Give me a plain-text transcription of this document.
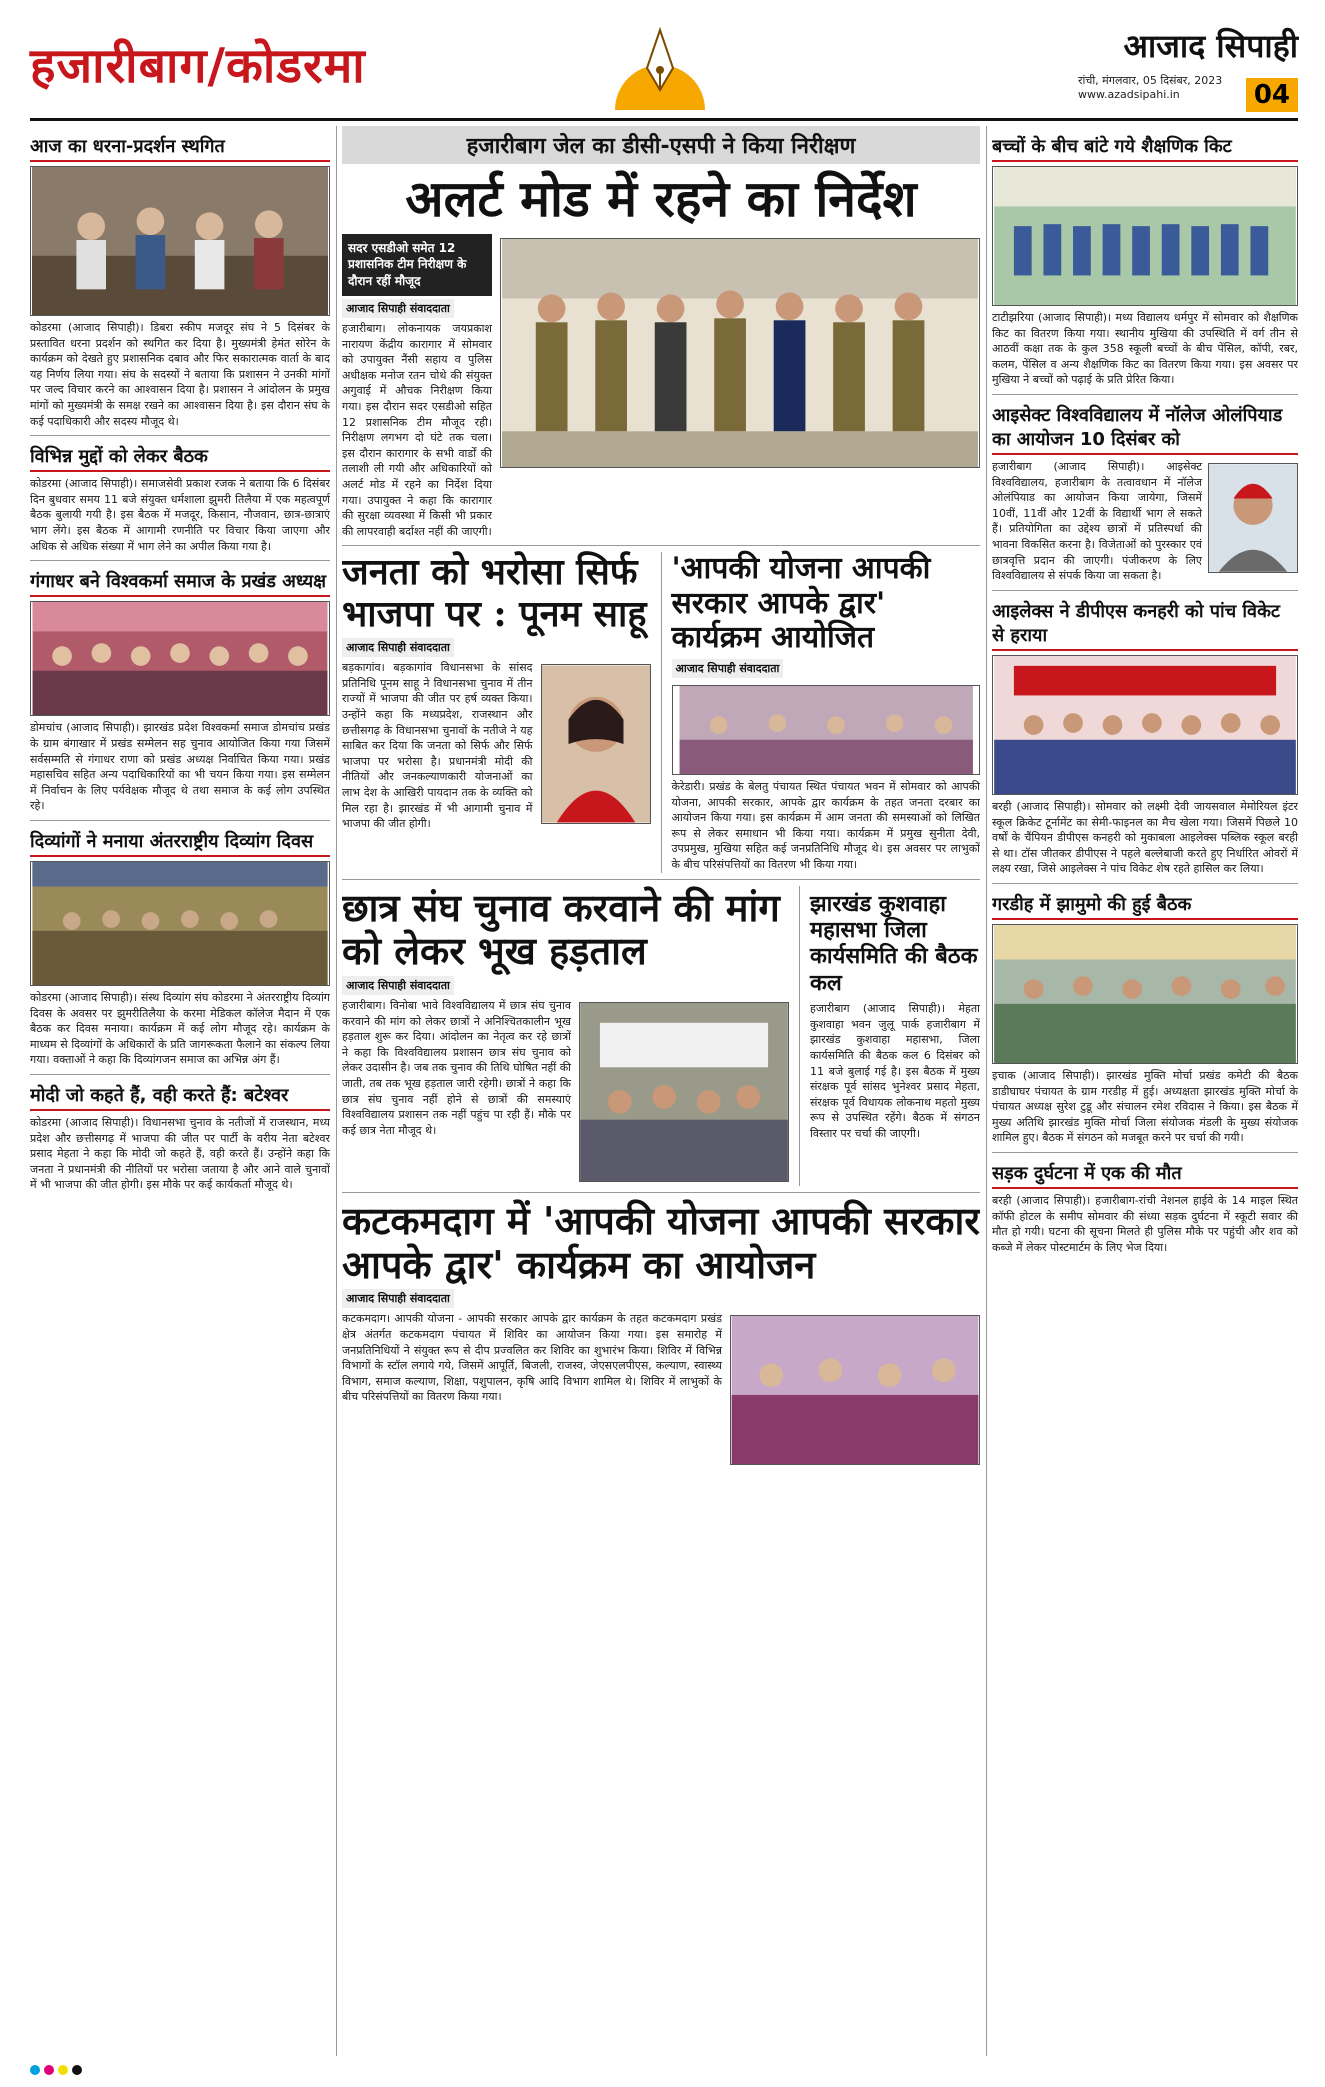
हजारीबाग/कोडरमा	आजाद सिपाही
रांची, मंगलवार, 05 दिसंबर, 2023
www.azadsipahi.in	04
आज का धरना-प्रदर्शन स्थगित
कोडरमा (आजाद सिपाही)। डिबरा स्कीप मजदूर संघ ने 5 दिसंबर के प्रस्तावित धरना प्रदर्शन को स्थगित कर दिया है। मुख्यमंत्री हेमंत सोरेन के कार्यक्रम को देखते हुए प्रशासनिक दबाव और फिर सकारात्मक वार्ता के बाद यह निर्णय लिया गया। संघ के सदस्यों ने बताया कि प्रशासन ने उनकी मांगों पर जल्द विचार करने का आश्वासन दिया है। प्रशासन ने आंदोलन के प्रमुख मांगों को मुख्यमंत्री के समक्ष रखने का आश्वासन दिया है। इस दौरान संघ के कई पदाधिकारी और सदस्य मौजूद थे।
विभिन्न मुद्दों को लेकर बैठक
कोडरमा (आजाद सिपाही)। समाजसेवी प्रकाश रजक ने बताया कि 6 दिसंबर दिन बुधवार समय 11 बजे संयुक्त धर्मशाला झुमरी तिलैया में एक महत्वपूर्ण बैठक बुलायी गयी है। इस बैठक में मजदूर, किसान, नौजवान, छात्र-छात्राएं भाग लेंगे। इस बैठक में आगामी रणनीति पर विचार किया जाएगा और अधिक से अधिक संख्या में भाग लेने का अपील किया गया है।
गंगाधर बने विश्वकर्मा समाज के प्रखंड अध्यक्ष
डोमचांच (आजाद सिपाही)। झारखंड प्रदेश विश्वकर्मा समाज डोमचांच प्रखंड के ग्राम बंगाखार में प्रखंड सम्मेलन सह चुनाव आयोजित किया गया जिसमें सर्वसम्मति से गंगाधर राणा को प्रखंड अध्यक्ष निर्वाचित किया गया। प्रखंड महासचिव सहित अन्य पदाधिकारियों का भी चयन किया गया। इस सम्मेलन में निर्वाचन के लिए पर्यवेक्षक मौजूद थे तथा समाज के कई लोग उपस्थित रहे।
दिव्यांगों ने मनाया अंतरराष्ट्रीय दिव्यांग दिवस
कोडरमा (आजाद सिपाही)। संस्थ दिव्यांग संघ कोडरमा ने अंतरराष्ट्रीय दिव्यांग दिवस के अवसर पर झुमरीतिलैया के करमा मेडिकल कॉलेज मैदान में एक बैठक कर दिवस मनाया। कार्यक्रम में कई लोग मौजूद रहे। कार्यक्रम के माध्यम से दिव्यांगों के अधिकारों के प्रति जागरूकता फैलाने का संकल्प लिया गया। वक्ताओं ने कहा कि दिव्यांगजन समाज का अभिन्न अंग हैं।
मोदी जो कहते हैं, वही करते हैं: बटेश्वर
कोडरमा (आजाद सिपाही)। विधानसभा चुनाव के नतीजों में राजस्थान, मध्य प्रदेश और छत्तीसगढ़ में भाजपा की जीत पर पार्टी के वरीय नेता बटेश्वर प्रसाद मेहता ने कहा कि मोदी जो कहते हैं, वही करते हैं। उन्होंने कहा कि जनता ने प्रधानमंत्री की नीतियों पर भरोसा जताया है और आने वाले चुनावों में भी भाजपा की जीत होगी। इस मौके पर कई कार्यकर्ता मौजूद थे।
हजारीबाग जेल का डीसी-एसपी ने किया निरीक्षण
अलर्ट मोड में रहने का निर्देश
सदर एसडीओ समेत 12 प्रशासनिक टीम निरीक्षण के दौरान रहीं मौजूद
आजाद सिपाही संवाददाता
हजारीबाग। लोकनायक जयप्रकाश नारायण केंद्रीय कारागार में सोमवार को उपायुक्त नैंसी सहाय व पुलिस अधीक्षक मनोज रतन चोथे की संयुक्त अगुवाई में औचक निरीक्षण किया गया। इस दौरान सदर एसडीओ सहित 12 प्रशासनिक टीम मौजूद रही। निरीक्षण लगभग दो घंटे तक चला। इस दौरान कारागार के सभी वार्डों की तलाशी ली गयी और अधिकारियों को अलर्ट मोड में रहने का निर्देश दिया गया। उपायुक्त ने कहा कि कारागार की सुरक्षा व्यवस्था में किसी भी प्रकार की लापरवाही बर्दाश्त नहीं की जाएगी।
जनता को भरोसा सिर्फ भाजपा पर : पूनम साहू
आजाद सिपाही संवाददाता
बड़कागांव। बड़कागांव विधानसभा के सांसद प्रतिनिधि पूनम साहू ने विधानसभा चुनाव में तीन राज्यों में भाजपा की जीत पर हर्ष व्यक्त किया। उन्होंने कहा कि मध्यप्रदेश, राजस्थान और छत्तीसगढ़ के विधानसभा चुनावों के नतीजे ने यह साबित कर दिया कि जनता को सिर्फ और सिर्फ भाजपा पर भरोसा है। प्रधानमंत्री मोदी की नीतियों और जनकल्याणकारी योजनाओं का लाभ देश के आखिरी पायदान तक के व्यक्ति को मिल रहा है। झारखंड में भी आगामी चुनाव में भाजपा की जीत होगी।
'आपकी योजना आपकी सरकार आपके द्वार' कार्यक्रम आयोजित
आजाद सिपाही संवाददाता
केरेडारी। प्रखंड के बेलतु पंचायत स्थित पंचायत भवन में सोमवार को आपकी योजना, आपकी सरकार, आपके द्वार कार्यक्रम के तहत जनता दरबार का आयोजन किया गया। इस कार्यक्रम में आम जनता की समस्याओं को लिखित रूप से लेकर समाधान भी किया गया। कार्यक्रम में प्रमुख सुनीता देवी, उपप्रमुख, मुखिया सहित कई जनप्रतिनिधि मौजूद थे। इस अवसर पर लाभुकों के बीच परिसंपत्तियों का वितरण भी किया गया।
छात्र संघ चुनाव करवाने की मांग को लेकर भूख हड़ताल
आजाद सिपाही संवाददाता
हजारीबाग। विनोबा भावे विश्वविद्यालय में छात्र संघ चुनाव करवाने की मांग को लेकर छात्रों ने अनिश्चितकालीन भूख हड़ताल शुरू कर दिया। आंदोलन का नेतृत्व कर रहे छात्रों ने कहा कि विश्वविद्यालय प्रशासन छात्र संघ चुनाव को लेकर उदासीन है। जब तक चुनाव की तिथि घोषित नहीं की जाती, तब तक भूख हड़ताल जारी रहेगी। छात्रों ने कहा कि छात्र संघ चुनाव नहीं होने से छात्रों की समस्याएं विश्वविद्यालय प्रशासन तक नहीं पहुंच पा रही हैं। मौके पर कई छात्र नेता मौजूद थे।
झारखंड कुशवाहा महासभा जिला कार्यसमिति की बैठक कल
हजारीबाग (आजाद सिपाही)। मेहता कुशवाहा भवन जुलू पार्क हजारीबाग में झारखंड कुशवाहा महासभा, जिला कार्यसमिति की बैठक कल 6 दिसंबर को 11 बजे बुलाई गई है। इस बैठक में मुख्य संरक्षक पूर्व सांसद भुनेश्वर प्रसाद मेहता, संरक्षक पूर्व विधायक लोकनाथ महतो मुख्य रूप से उपस्थित रहेंगे। बैठक में संगठन विस्तार पर चर्चा की जाएगी।
कटकमदाग में 'आपकी योजना आपकी सरकार आपके द्वार' कार्यक्रम का आयोजन
आजाद सिपाही संवाददाता
कटकमदाग। आपकी योजना - आपकी सरकार आपके द्वार कार्यक्रम के तहत कटकमदाग प्रखंड क्षेत्र अंतर्गत कटकमदाग पंचायत में शिविर का आयोजन किया गया। इस समारोह में जनप्रतिनिधियों ने संयुक्त रूप से दीप प्रज्वलित कर शिविर का शुभारंभ किया। शिविर में विभिन्न विभागों के स्टॉल लगाये गये, जिसमें आपूर्ति, बिजली, राजस्व, जेएसएलपीएस, कल्याण, स्वास्थ्य विभाग, समाज कल्याण, शिक्षा, पशुपालन, कृषि आदि विभाग शामिल थे। शिविर में लाभुकों के बीच परिसंपत्तियों का वितरण किया गया।
बच्चों के बीच बांटे गये शैक्षणिक किट
टाटीझरिया (आजाद सिपाही)। मध्य विद्यालय धर्मपुर में सोमवार को शैक्षणिक किट का वितरण किया गया। स्थानीय मुखिया की उपस्थिति में वर्ग तीन से आठवीं कक्षा तक के कुल 358 स्कूली बच्चों के बीच पेंसिल, कॉपी, रबर, कलम, पेंसिल व अन्य शैक्षणिक किट का वितरण किया गया। इस अवसर पर मुखिया ने बच्चों को पढ़ाई के प्रति प्रेरित किया।
आइसेक्ट विश्वविद्यालय में नॉलेज ओलंपियाड का आयोजन 10 दिसंबर को
हजारीबाग (आजाद सिपाही)। आइसेक्ट विश्वविद्यालय, हजारीबाग के तत्वावधान में नॉलेज ओलंपियाड का आयोजन किया जायेगा, जिसमें 10वीं, 11वीं और 12वीं के विद्यार्थी भाग ले सकते हैं। प्रतियोगिता का उद्देश्य छात्रों में प्रतिस्पर्धा की भावना विकसित करना है। विजेताओं को पुरस्कार एवं छात्रवृत्ति प्रदान की जाएगी। पंजीकरण के लिए विश्वविद्यालय से संपर्क किया जा सकता है।
आइलेक्स ने डीपीएस कनहरी को पांच विकेट से हराया
बरही (आजाद सिपाही)। सोमवार को लक्ष्मी देवी जायसवाल मेमोरियल इंटर स्कूल क्रिकेट टूर्नामेंट का सेमी-फाइनल का मैच खेला गया। जिसमें पिछले 10 वर्षों के चैंपियन डीपीएस कनहरी को मुकाबला आइलेक्स पब्लिक स्कूल बरही से था। टॉस जीतकर डीपीएस ने पहले बल्लेबाजी करते हुए निर्धारित ओवरों में लक्ष्य रखा, जिसे आइलेक्स ने पांच विकेट शेष रहते हासिल कर लिया।
गरडीह में झामुमो की हुई बैठक
इचाक (आजाद सिपाही)। झारखंड मुक्ति मोर्चा प्रखंड कमेटी की बैठक डाडीघाघर पंचायत के ग्राम गरडीह में हुई। अध्यक्षता झारखंड मुक्ति मोर्चा के पंचायत अध्यक्ष सुरेश टुडू और संचालन रमेश रविदास ने किया। इस बैठक में मुख्य अतिथि झारखंड मुक्ति मोर्चा जिला संयोजक मंडली के मुख्य संयोजक शामिल हुए। बैठक में संगठन को मजबूत करने पर चर्चा की गयी।
सड़क दुर्घटना में एक की मौत
बरही (आजाद सिपाही)। हजारीबाग-रांची नेशनल हाईवे के 14 माइल स्थित कॉफी होटल के समीप सोमवार की संध्या सड़क दुर्घटना में स्कूटी सवार की मौत हो गयी। घटना की सूचना मिलते ही पुलिस मौके पर पहुंची और शव को कब्जे में लेकर पोस्टमार्टम के लिए भेज दिया।
